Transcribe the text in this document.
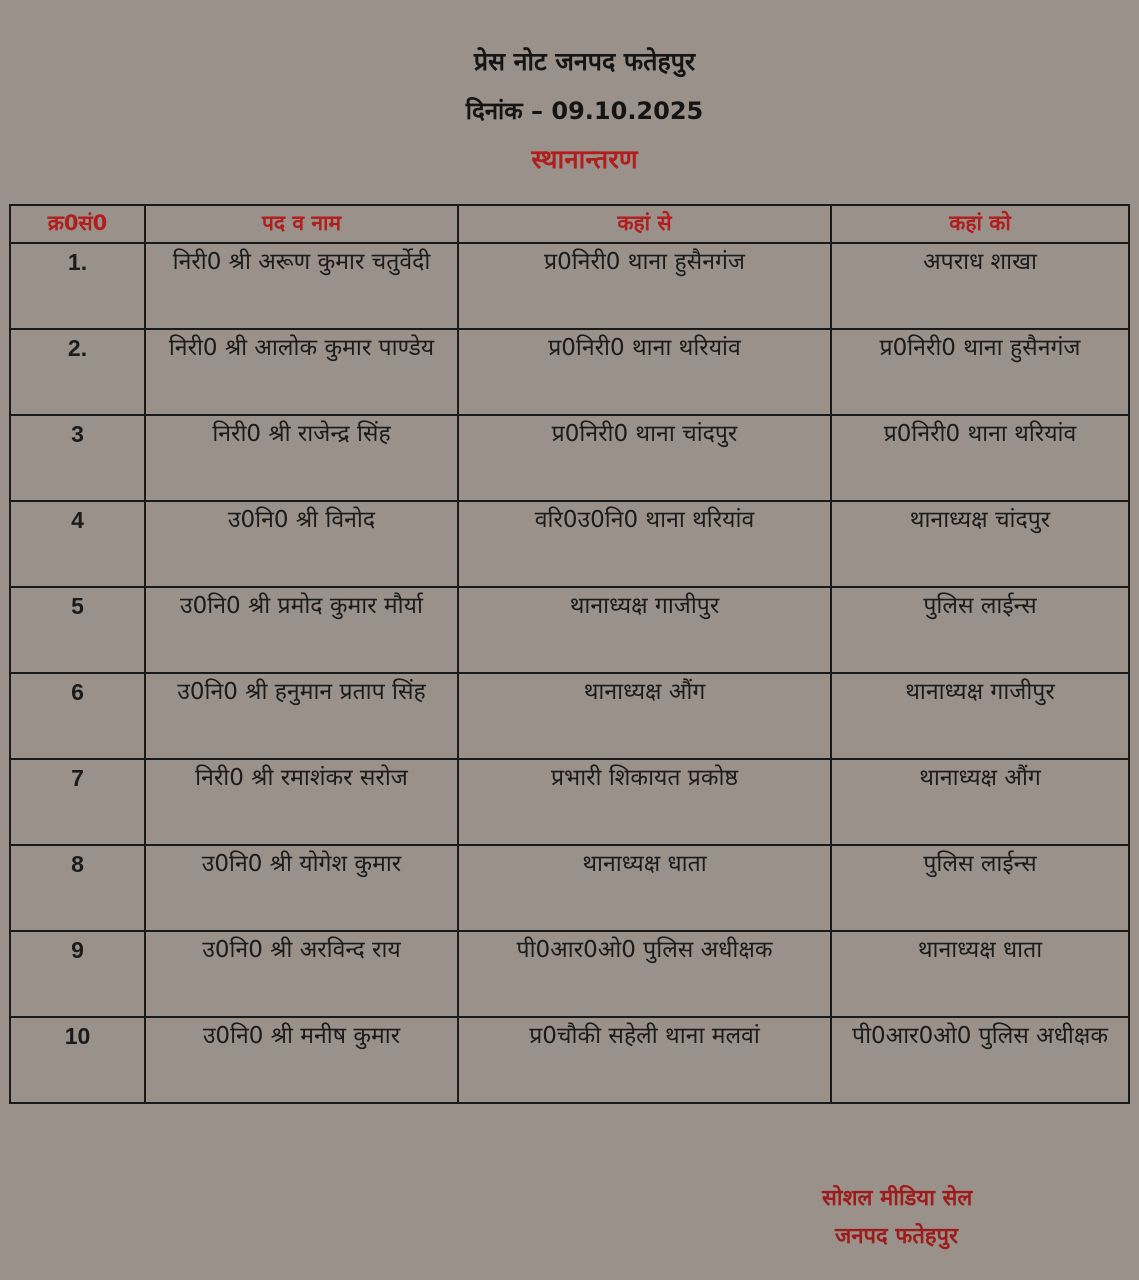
प्रेस नोट जनपद फतेहपुर
दिनांक – 09.10.2025
स्थानान्तरण
क्र0सं0	पद व नाम	कहां से	कहां को
1.	निरी0 श्री अरूण कुमार चतुर्वेदी	प्र0निरी0 थाना हुसैनगंज	अपराध शाखा
2.	निरी0 श्री आलोक कुमार पाण्डेय	प्र0निरी0 थाना थरियांव	प्र0निरी0 थाना हुसैनगंज
3	निरी0 श्री राजेन्द्र सिंह	प्र0निरी0 थाना चांदपुर	प्र0निरी0 थाना थरियांव
4	उ0नि0 श्री विनोद	वरि0उ0नि0 थाना थरियांव	थानाध्यक्ष चांदपुर
5	उ0नि0 श्री प्रमोद कुमार मौर्या	थानाध्यक्ष गाजीपुर	पुलिस लाईन्स
6	उ0नि0 श्री हनुमान प्रताप सिंह	थानाध्यक्ष औंग	थानाध्यक्ष गाजीपुर
7	निरी0 श्री रमाशंकर सरोज	प्रभारी शिकायत प्रकोष्ठ	थानाध्यक्ष औंग
8	उ0नि0 श्री योगेश कुमार	थानाध्यक्ष धाता	पुलिस लाईन्स
9	उ0नि0 श्री अरविन्द राय	पी0आर0ओ0 पुलिस अधीक्षक	थानाध्यक्ष धाता
10	उ0नि0 श्री मनीष कुमार	प्र0चौकी सहेली थाना मलवां	पी0आर0ओ0 पुलिस अधीक्षक
सोशल मीडिया सेल
जनपद फतेहपुर
